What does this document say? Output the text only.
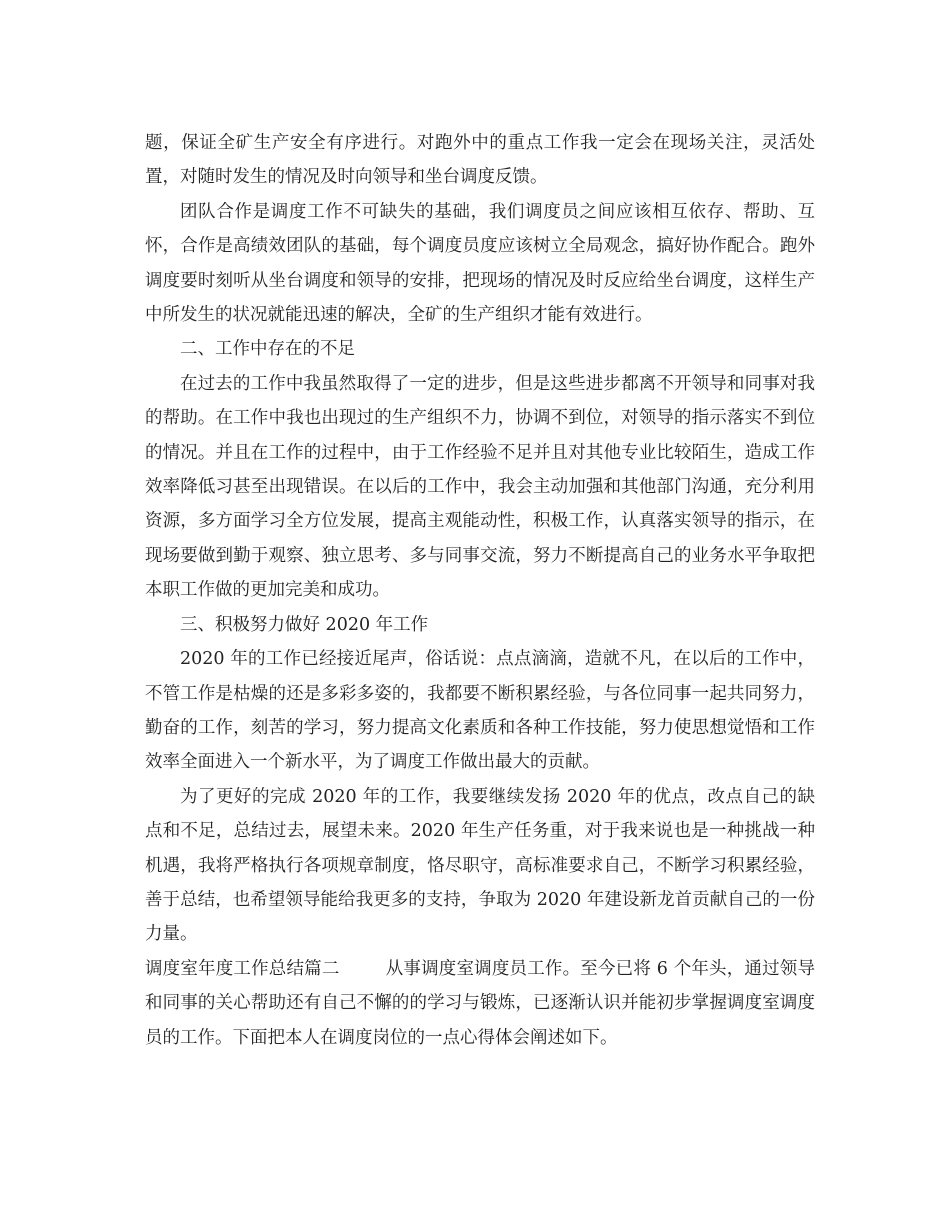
题，保证全矿生产安全有序进行。对跑外中的重点工作我一定会在现场关注，灵活处置，对随时发生的情况及时向领导和坐台调度反馈。

团队合作是调度工作不可缺失的基础，我们调度员之间应该相互依存、帮助、互怀，合作是高绩效团队的基础，每个调度员度应该树立全局观念，搞好协作配合。跑外调度要时刻听从坐台调度和领导的安排，把现场的情况及时反应给坐台调度，这样生产中所发生的状况就能迅速的解决，全矿的生产组织才能有效进行。

二、工作中存在的不足

在过去的工作中我虽然取得了一定的进步，但是这些进步都离不开领导和同事对我的帮助。在工作中我也出现过的生产组织不力，协调不到位，对领导的指示落实不到位的情况。并且在工作的过程中，由于工作经验不足并且对其他专业比较陌生，造成工作效率降低习甚至出现错误。在以后的工作中，我会主动加强和其他部门沟通，充分利用资源，多方面学习全方位发展，提高主观能动性，积极工作，认真落实领导的指示，在现场要做到勤于观察、独立思考、多与同事交流，努力不断提高自己的业务水平争取把本职工作做的更加完美和成功。

三、积极努力做好 2020 年工作

2020 年的工作已经接近尾声，俗话说：点点滴滴，造就不凡，在以后的工作中，不管工作是枯燥的还是多彩多姿的，我都要不断积累经验，与各位同事一起共同努力，勤奋的工作，刻苦的学习，努力提高文化素质和各种工作技能，努力使思想觉悟和工作效率全面进入一个新水平，为了调度工作做出最大的贡献。

为了更好的完成 2020 年的工作，我要继续发扬 2020 年的优点，改点自己的缺点和不足，总结过去，展望未来。2020 年生产任务重，对于我来说也是一种挑战一种机遇，我将严格执行各项规章制度，恪尽职守，高标准要求自己，不断学习积累经验，善于总结，也希望领导能给我更多的支持，争取为 2020 年建设新龙首贡献自己的一份力量。

调度室年度工作总结篇二	从事调度室调度员工作。至今已将 6 个年头，通过领导和同事的关心帮助还有自己不懈的的学习与锻炼，已逐渐认识并能初步掌握调度室调度员的工作。下面把本人在调度岗位的一点心得体会阐述如下。
